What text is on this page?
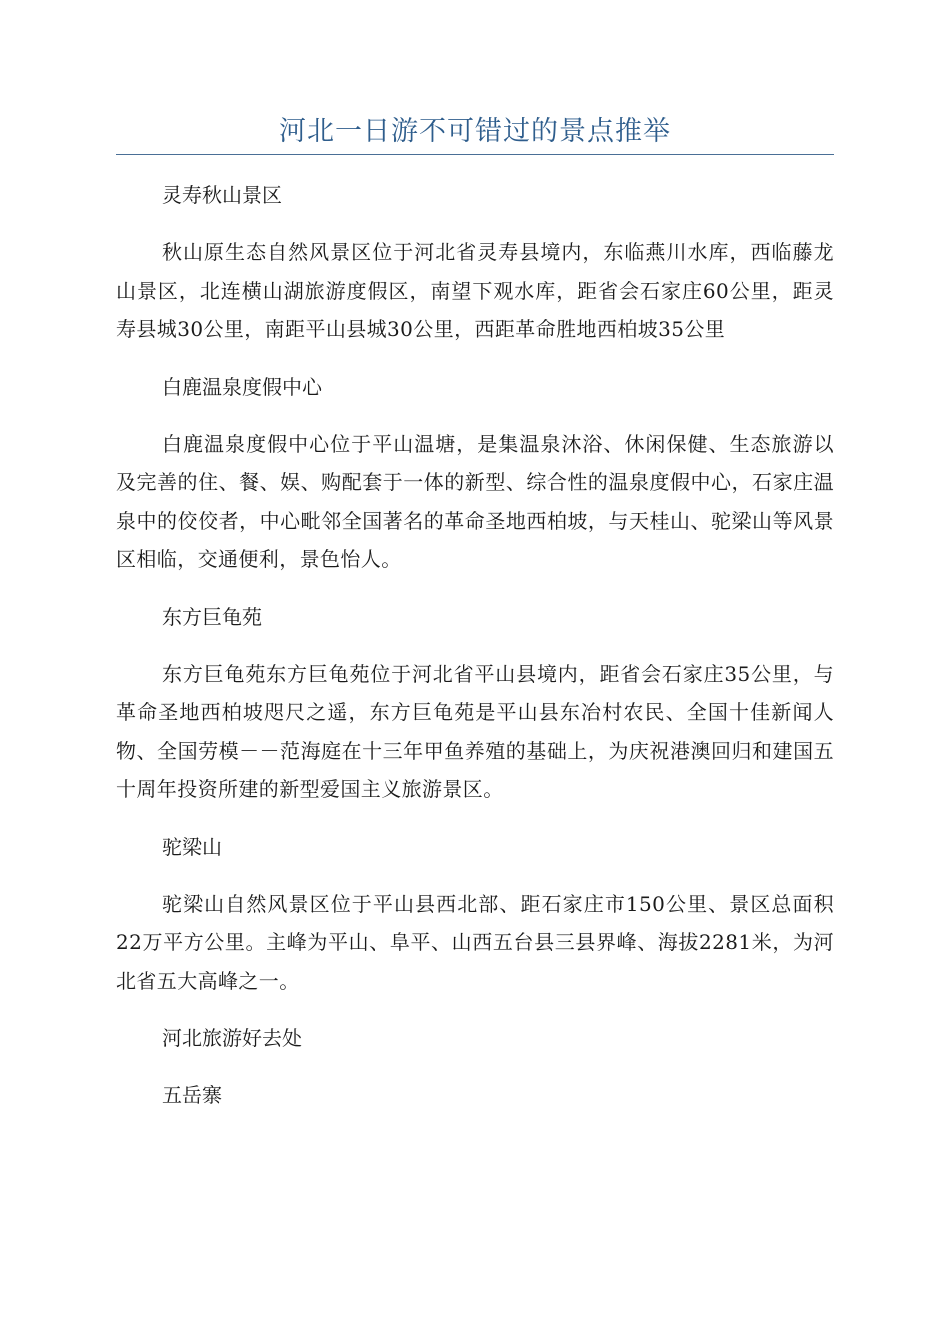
河北一日游不可错过的景点推举

灵寿秋山景区

秋山原生态自然风景区位于河北省灵寿县境内，东临燕川水库，西临藤龙山景区，北连横山湖旅游度假区，南望下观水库，距省会石家庄60公里，距灵寿县城30公里，南距平山县城30公里，西距革命胜地西柏坡35公里

白鹿温泉度假中心

白鹿温泉度假中心位于平山温塘，是集温泉沐浴、休闲保健、生态旅游以及完善的住、餐、娱、购配套于一体的新型、综合性的温泉度假中心，石家庄温泉中的佼佼者，中心毗邻全国著名的革命圣地西柏坡，与天桂山、驼梁山等风景区相临，交通便利，景色怡人。

东方巨龟苑

东方巨龟苑东方巨龟苑位于河北省平山县境内，距省会石家庄35公里，与革命圣地西柏坡咫尺之遥，东方巨龟苑是平山县东冶村农民、全国十佳新闻人物、全国劳模－－范海庭在十三年甲鱼养殖的基础上，为庆祝港澳回归和建国五十周年投资所建的新型爱国主义旅游景区。

驼梁山

驼梁山自然风景区位于平山县西北部、距石家庄市150公里、景区总面积22万平方公里。主峰为平山、阜平、山西五台县三县界峰、海拔2281米，为河北省五大高峰之一。

河北旅游好去处

五岳寨
